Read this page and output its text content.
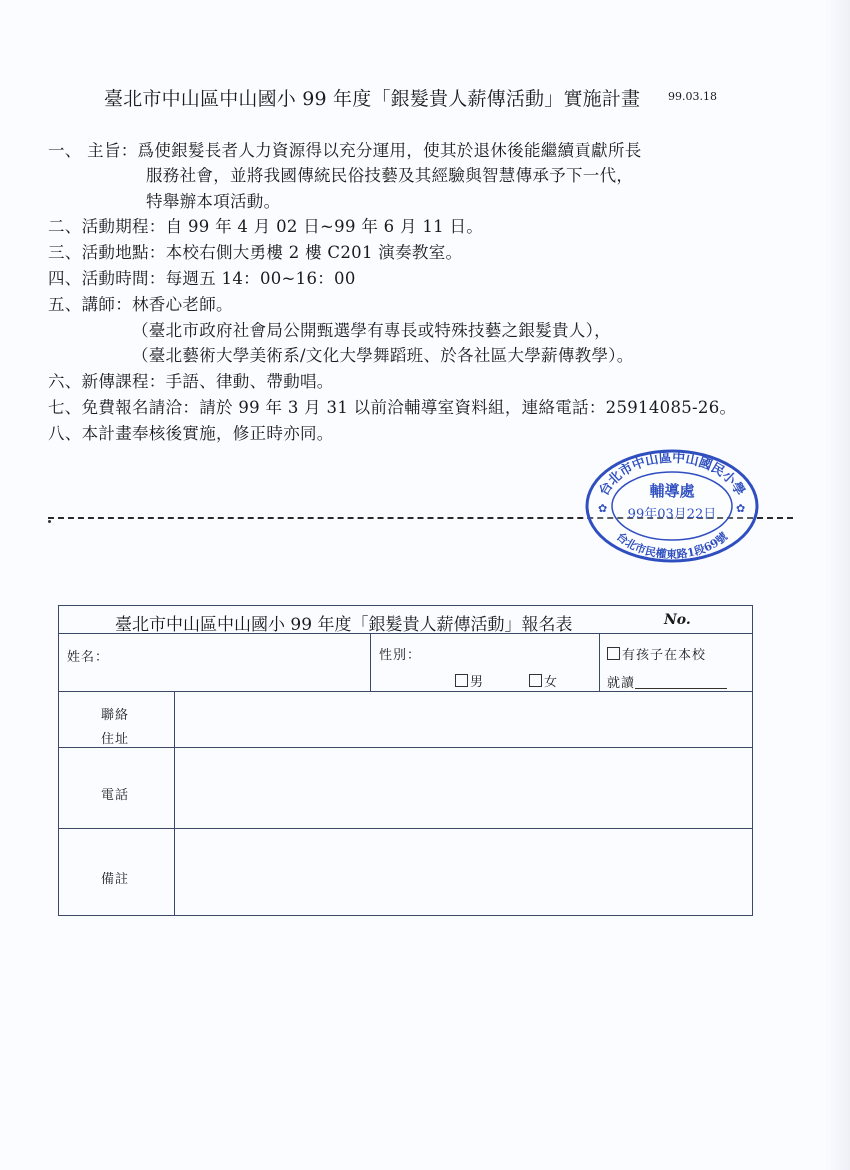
臺北市中山區中山國小 99 年度「銀髮貴人薪傳活動」實施計畫	99.03.18
一、 主旨：爲使銀髮長者人力資源得以充分運用，使其於退休後能繼續貢獻所長
服務社會，並將我國傳統民俗技藝及其經驗與智慧傳承予下一代，
特舉辦本項活動。
二、活動期程：自 99 年 4 月 02 日~99 年 6 月 11 日。
三、活動地點：本校右側大勇樓 2 樓 C201 演奏教室。
四、活動時間：每週五 14：00~16：00
五、講師：林香心老師。
（臺北市政府社會局公開甄選學有專長或特殊技藝之銀髮貴人），
（臺北藝術大學美術系/文化大學舞蹈班、於各社區大學薪傳教學）。
六、新傳課程：手語、律動、帶動唱。
七、免費報名請洽：請於 99 年 3 月 31 以前洽輔導室資料組，連絡電話：25914085-26。
八、本計畫奉核後實施，修正時亦同。
台北市中山區中山國民小學
輔導處
99年03月22日
台北市民權東路1段69號
✿	✿
臺北市中山區中山國小 99 年度「銀髮貴人薪傳活動」報名表	No.
姓名：	性別：
男	女
有孩子在本校
就讀
聯絡
住址
電話
備註
